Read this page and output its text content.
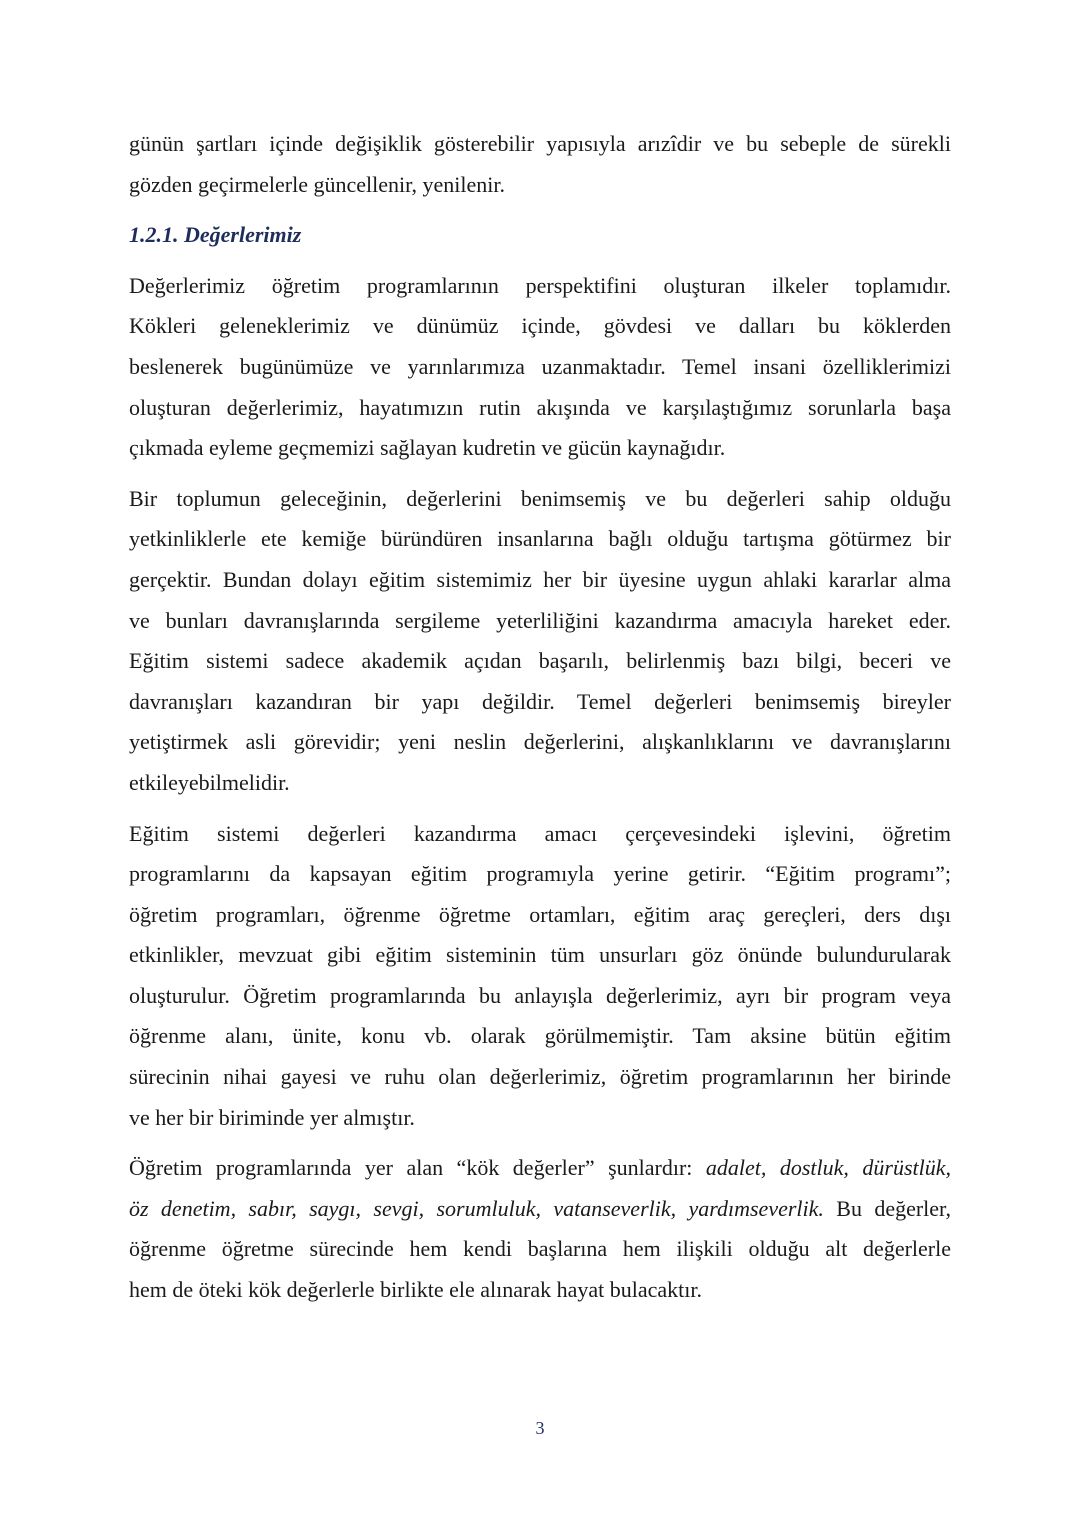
günün şartları içinde değişiklik gösterebilir yapısıyla arızîdir ve bu sebeple de sürekli
gözden geçirmelerle güncellenir, yenilenir.
1.2.1. Değerlerimiz
Değerlerimiz öğretim programlarının perspektifini oluşturan ilkeler toplamıdır.
Kökleri geleneklerimiz ve dünümüz içinde, gövdesi ve dalları bu köklerden
beslenerek bugünümüze ve yarınlarımıza uzanmaktadır. Temel insani özelliklerimizi
oluşturan değerlerimiz, hayatımızın rutin akışında ve karşılaştığımız sorunlarla başa
çıkmada eyleme geçmemizi sağlayan kudretin ve gücün kaynağıdır.
Bir toplumun geleceğinin, değerlerini benimsemiş ve bu değerleri sahip olduğu
yetkinliklerle ete kemiğe büründüren insanlarına bağlı olduğu tartışma götürmez bir
gerçektir. Bundan dolayı eğitim sistemimiz her bir üyesine uygun ahlaki kararlar alma
ve bunları davranışlarında sergileme yeterliliğini kazandırma amacıyla hareket eder.
Eğitim sistemi sadece akademik açıdan başarılı, belirlenmiş bazı bilgi, beceri ve
davranışları kazandıran bir yapı değildir. Temel değerleri benimsemiş bireyler
yetiştirmek asli görevidir; yeni neslin değerlerini, alışkanlıklarını ve davranışlarını
etkileyebilmelidir.
Eğitim sistemi değerleri kazandırma amacı çerçevesindeki işlevini, öğretim
programlarını da kapsayan eğitim programıyla yerine getirir. “Eğitim programı”;
öğretim programları, öğrenme öğretme ortamları, eğitim araç gereçleri, ders dışı
etkinlikler, mevzuat gibi eğitim sisteminin tüm unsurları göz önünde bulundurularak
oluşturulur. Öğretim programlarında bu anlayışla değerlerimiz, ayrı bir program veya
öğrenme alanı, ünite, konu vb. olarak görülmemiştir. Tam aksine bütün eğitim
sürecinin nihai gayesi ve ruhu olan değerlerimiz, öğretim programlarının her birinde
ve her bir biriminde yer almıştır.
Öğretim programlarında yer alan “kök değerler” şunlardır: adalet, dostluk, dürüstlük,
öz denetim, sabır, saygı, sevgi, sorumluluk, vatanseverlik, yardımseverlik. Bu değerler,
öğrenme öğretme sürecinde hem kendi başlarına hem ilişkili olduğu alt değerlerle
hem de öteki kök değerlerle birlikte ele alınarak hayat bulacaktır.
3
